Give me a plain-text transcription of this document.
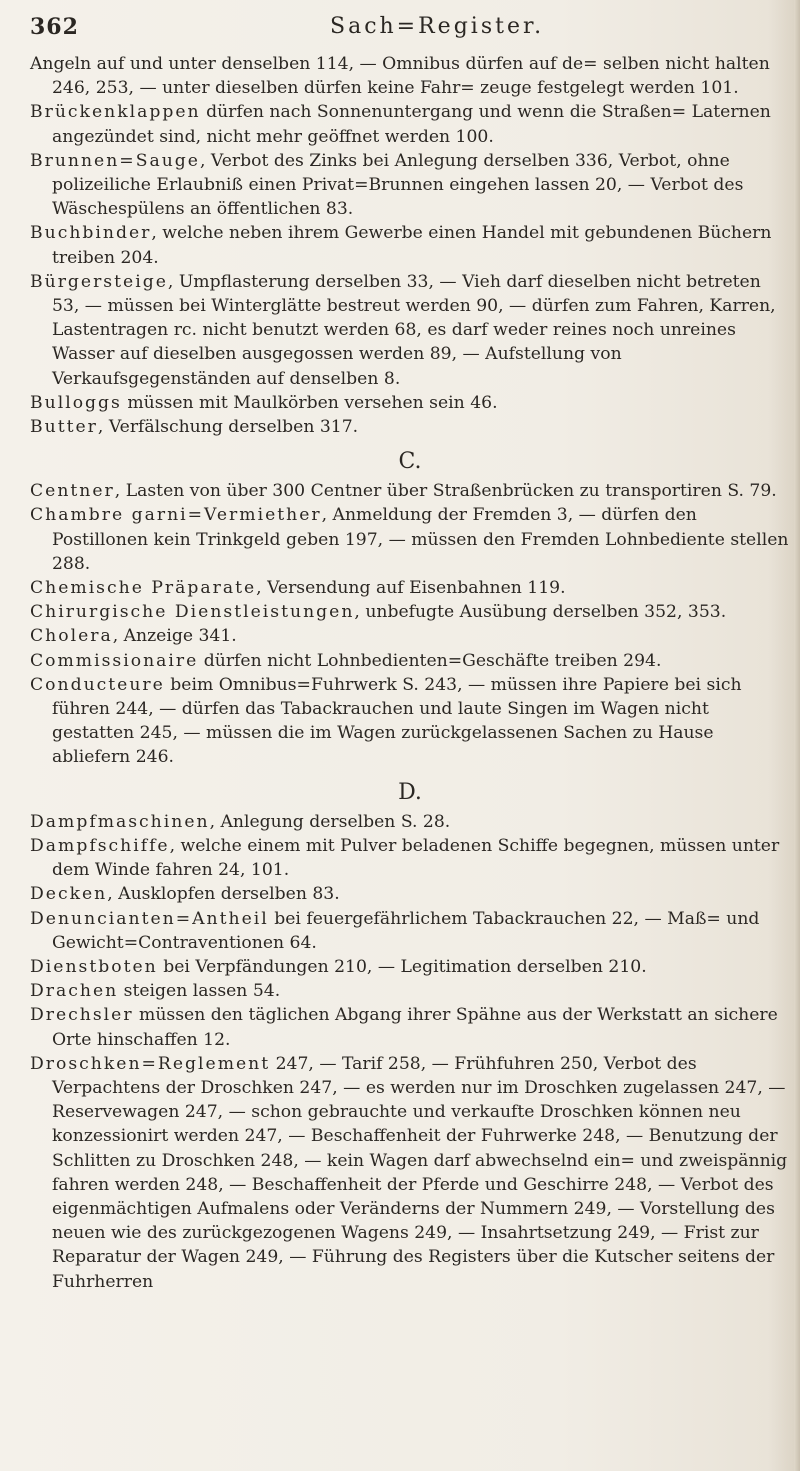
362	Sach=Register.

Angeln auf und unter denselben 114, — Omnibus dürfen auf de= selben nicht halten 246, 253, — unter dieselben dürfen keine Fahr= zeuge festgelegt werden 101.

Brückenklappen dürfen nach Sonnenuntergang und wenn die Straßen= Laternen angezündet sind, nicht mehr geöffnet werden 100.

Brunnen=Sauge, Verbot des Zinks bei Anlegung derselben 336, Verbot, ohne polizeiliche Erlaubniß einen Privat=Brunnen eingehen lassen 20, — Verbot des Wäschespülens an öffentlichen 83.

Buchbinder, welche neben ihrem Gewerbe einen Handel mit gebundenen Büchern treiben 204.

Bürgersteige, Umpflasterung derselben 33, — Vieh darf dieselben nicht betreten 53, — müssen bei Winterglätte bestreut werden 90, — dürfen zum Fahren, Karren, Lastentragen rc. nicht benutzt werden 68, es darf weder reines noch unreines Wasser auf dieselben ausgegossen werden 89, — Aufstellung von Verkaufsgegenständen auf denselben 8.

Bulloggs müssen mit Maulkörben versehen sein 46.

Butter, Verfälschung derselben 317.

C.

Centner, Lasten von über 300 Centner über Straßenbrücken zu transportiren S. 79.

Chambre garni=Vermiether, Anmeldung der Fremden 3, — dürfen den Postillonen kein Trinkgeld geben 197, — müssen den Fremden Lohnbediente stellen 288.

Chemische Präparate, Versendung auf Eisenbahnen 119.

Chirurgische Dienstleistungen, unbefugte Ausübung derselben 352, 353.

Cholera, Anzeige 341.

Commissionaire dürfen nicht Lohnbedienten=Geschäfte treiben 294.

Conducteure beim Omnibus=Fuhrwerk S. 243, — müssen ihre Papiere bei sich führen 244, — dürfen das Tabackrauchen und laute Singen im Wagen nicht gestatten 245, — müssen die im Wagen zurückgelassenen Sachen zu Hause abliefern 246.

D.

Dampfmaschinen, Anlegung derselben S. 28.

Dampfschiffe, welche einem mit Pulver beladenen Schiffe begegnen, müssen unter dem Winde fahren 24, 101.

Decken, Ausklopfen derselben 83.

Denuncianten=Antheil bei feuergefährlichem Tabackrauchen 22, — Maß= und Gewicht=Contraventionen 64.

Dienstboten bei Verpfändungen 210, — Legitimation derselben 210.

Drachen steigen lassen 54.

Drechsler müssen den täglichen Abgang ihrer Spähne aus der Werkstatt an sichere Orte hinschaffen 12.

Droschken=Reglement 247, — Tarif 258, — Frühfuhren 250, Verbot des Verpachtens der Droschken 247, — es werden nur im Droschken zugelassen 247, — Reservewagen 247, — schon gebrauchte und verkaufte Droschken können neu konzessionirt werden 247, — Beschaffenheit der Fuhrwerke 248, — Benutzung der Schlitten zu Droschken 248, — kein Wagen darf abwechselnd ein= und zweispännig fahren werden 248, — Beschaffenheit der Pferde und Geschirre 248, — Verbot des eigenmächtigen Aufmalens oder Veränderns der Nummern 249, — Vorstellung des neuen wie des zurückgezogenen Wagens 249, — Insahrtsetzung 249, — Frist zur Reparatur der Wagen 249, — Führung des Registers über die Kutscher seitens der Fuhrherren
